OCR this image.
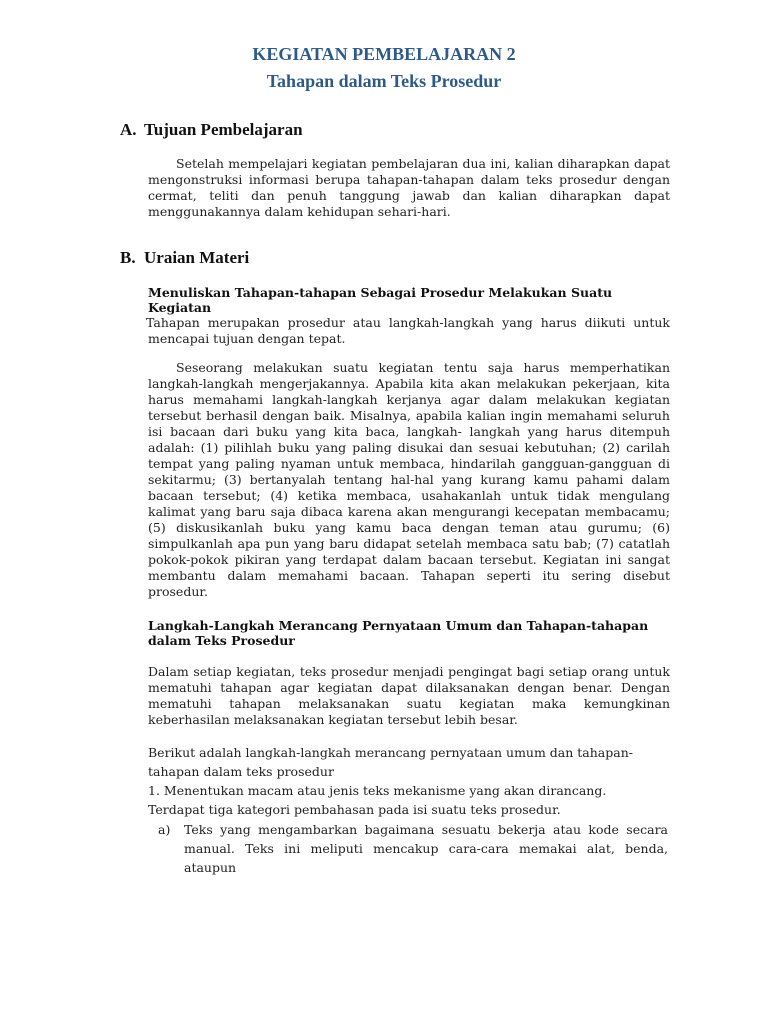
KEGIATAN PEMBELAJARAN 2
Tahapan dalam Teks Prosedur
A. Tujuan Pembelajaran
Setelah mempelajari kegiatan pembelajaran dua ini, kalian diharapkan dapat mengonstruksi informasi berupa tahapan-tahapan dalam teks prosedur dengan cermat, teliti dan penuh tanggung jawab dan kalian diharapkan dapat menggunakannya dalam kehidupan sehari-hari.
B. Uraian Materi
Menuliskan Tahapan-tahapan Sebagai Prosedur Melakukan Suatu Kegiatan
Tahapan merupakan prosedur atau langkah-langkah yang harus diikuti untuk mencapai tujuan dengan tepat.
Seseorang melakukan suatu kegiatan tentu saja harus memperhatikan langkah-langkah mengerjakannya. Apabila kita akan melakukan pekerjaan, kita harus memahami langkah-langkah kerjanya agar dalam melakukan kegiatan tersebut berhasil dengan baik. Misalnya, apabila kalian ingin memahami seluruh isi bacaan dari buku yang kita baca, langkah- langkah yang harus ditempuh adalah: (1) pilihlah buku yang paling disukai dan sesuai kebutuhan; (2) carilah tempat yang paling nyaman untuk membaca, hindarilah gangguan-gangguan di sekitarmu; (3) bertanyalah tentang hal-hal yang kurang kamu pahami dalam bacaan tersebut; (4) ketika membaca, usahakanlah untuk tidak mengulang kalimat yang baru saja dibaca karena akan mengurangi kecepatan membacamu; (5) diskusikanlah buku yang kamu baca dengan teman atau gurumu; (6) simpulkanlah apa pun yang baru didapat setelah membaca satu bab; (7) catatlah pokok-pokok pikiran yang terdapat dalam bacaan tersebut. Kegiatan ini sangat membantu dalam memahami bacaan. Tahapan seperti itu sering disebut prosedur.
Langkah-Langkah Merancang Pernyataan Umum dan Tahapan-tahapan dalam Teks Prosedur
Dalam setiap kegiatan, teks prosedur menjadi pengingat bagi setiap orang untuk mematuhi tahapan agar kegiatan dapat dilaksanakan dengan benar. Dengan mematuhi tahapan melaksanakan suatu kegiatan maka kemungkinan keberhasilan melaksanakan kegiatan tersebut lebih besar.
Berikut adalah langkah-langkah merancang pernyataan umum dan tahapan-tahapan dalam teks prosedur
1. Menentukan macam atau jenis teks mekanisme yang akan dirancang.
Terdapat tiga kategori pembahasan pada isi suatu teks prosedur.
a) Teks yang mengambarkan bagaimana sesuatu bekerja atau kode secara manual. Teks ini meliputi mencakup cara-cara memakai alat, benda, ataupun
